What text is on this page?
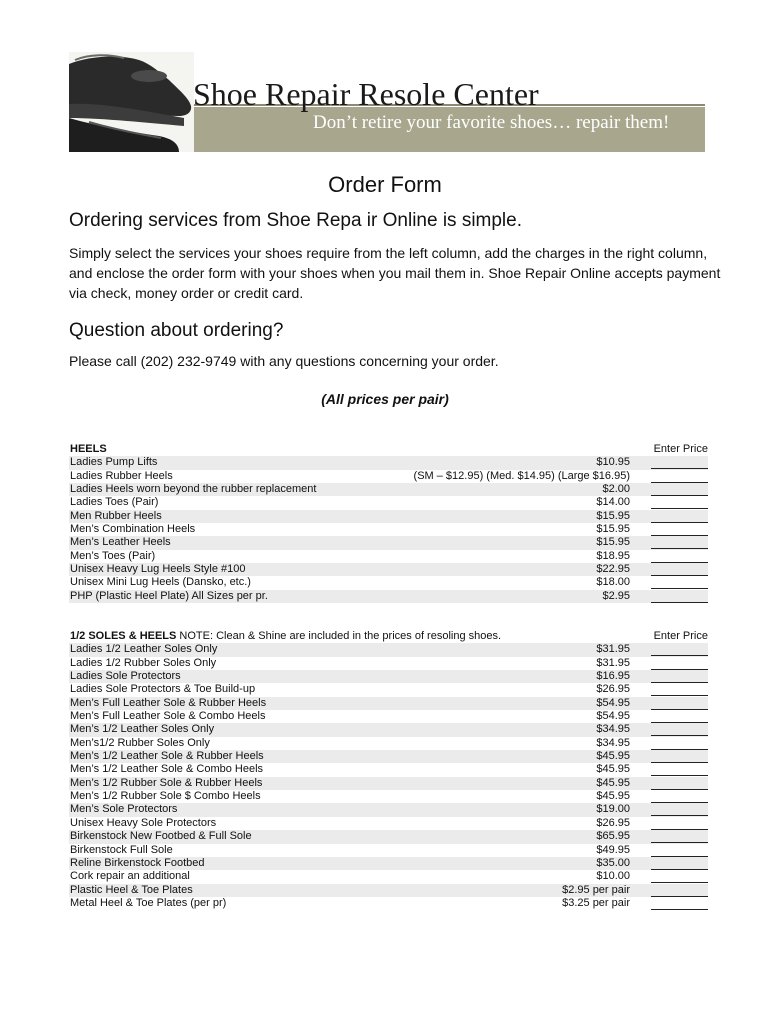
Shoe Repair Resole Center
Don’t retire your favorite shoes… repair them!
Order Form
Ordering services from Shoe Repa ir Online is simple.
Simply select the services your shoes require from the left column, add the charges in the right column, and enclose the order form with your shoes when you mail them in. Shoe Repair Online accepts payment via check, money order or credit card.
Question about ordering?
Please call (202) 232-9749 with any questions concerning your order.
(All prices per pair)
HEELS	Enter Price
Ladies Pump Lifts	$10.95
Ladies Rubber Heels	(SM – $12.95) (Med. $14.95) (Large $16.95)
Ladies Heels worn beyond the rubber replacement	$2.00
Ladies Toes (Pair)	$14.00
Men Rubber Heels	$15.95
Men’s Combination Heels	$15.95
Men’s Leather Heels	$15.95
Men’s Toes (Pair)	$18.95
Unisex Heavy Lug Heels Style #100	$22.95
Unisex Mini Lug Heels (Dansko, etc.)	$18.00
PHP (Plastic Heel Plate) All Sizes per pr.	$2.95
1/2 SOLES & HEELS NOTE: Clean & Shine are included in the prices of resoling shoes.	Enter Price
Ladies 1/2 Leather Soles Only	$31.95
Ladies 1/2 Rubber Soles Only	$31.95
Ladies Sole Protectors	$16.95
Ladies Sole Protectors & Toe Build-up	$26.95
Men’s Full Leather Sole & Rubber Heels	$54.95
Men’s Full Leather Sole & Combo Heels	$54.95
Men’s 1/2 Leather Soles Only	$34.95
Men’s1/2 Rubber Soles Only	$34.95
Men’s 1/2 Leather Sole & Rubber Heels	$45.95
Men’s 1/2 Leather Sole & Combo Heels	$45.95
Men’s 1/2 Rubber Sole & Rubber Heels	$45.95
Men’s 1/2 Rubber Sole $ Combo Heels	$45.95
Men’s Sole Protectors	$19.00
Unisex Heavy Sole Protectors	$26.95
Birkenstock New Footbed & Full Sole	$65.95
Birkenstock Full Sole	$49.95
Reline Birkenstock Footbed	$35.00
Cork repair an additional	$10.00
Plastic Heel & Toe Plates	$2.95 per pair
Metal Heel & Toe Plates (per pr)	$3.25 per pair
